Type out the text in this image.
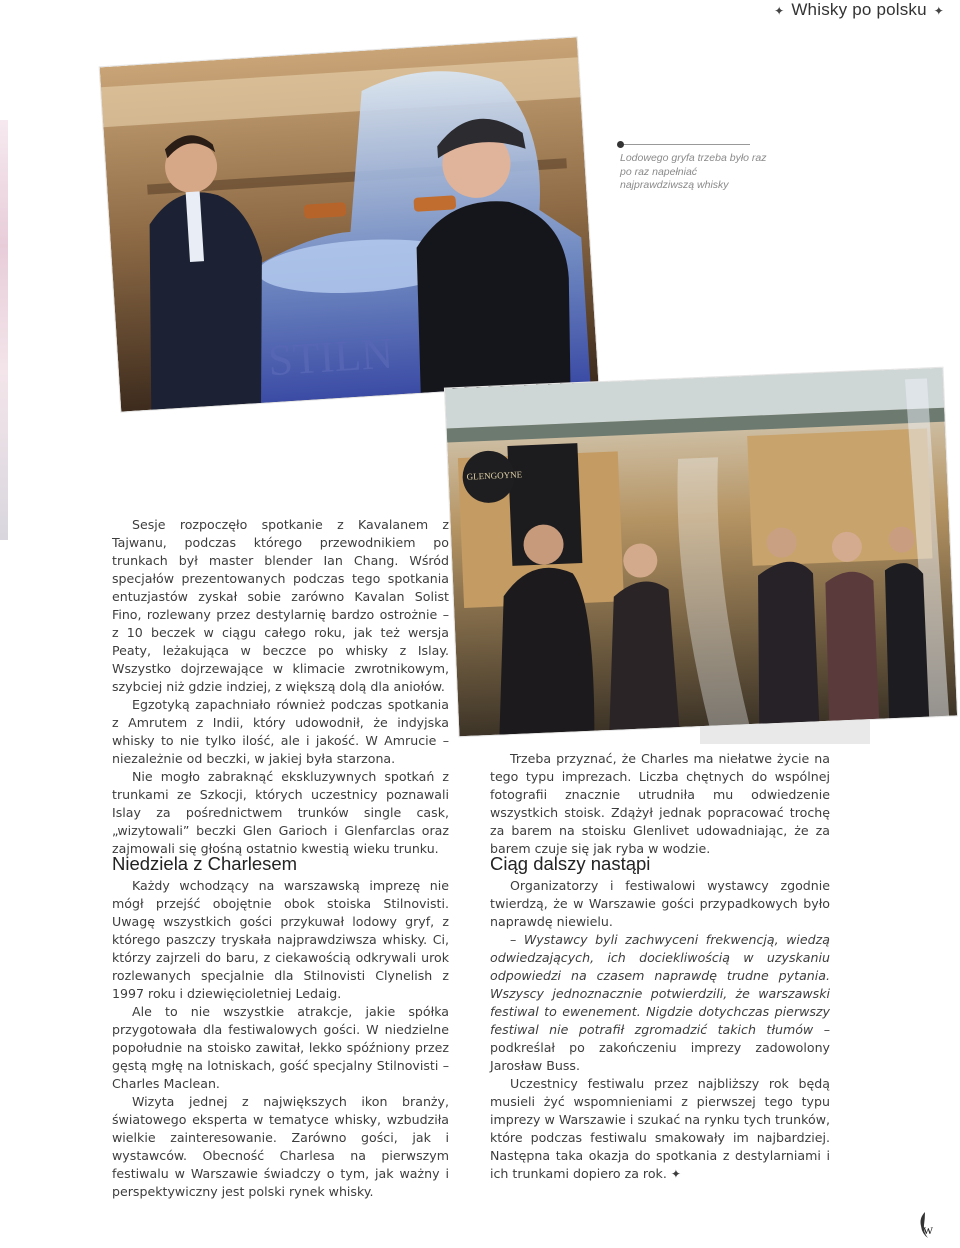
✦ Whisky po polsku ✦
STILN

Lodowego gryfa trzeba było raz po raz napełniać najprawdziwszą whisky

GLENGOYNE

Sesje rozpoczęło spotkanie z Kavalanem z Tajwanu, podczas którego przewodnikiem po trunkach był master blender Ian Chang. Wśród specjałów prezentowanych podczas tego spotkania entuzjastów zyskał sobie zarówno Kavalan Solist Fino, rozlewany przez destylarnię bardzo ostrożnie – z 10 beczek w ciągu całego roku, jak też wersja Peaty, leżakująca w beczce po whisky z Islay. Wszystko dojrzewające w klimacie zwrotnikowym, szybciej niż gdzie indziej, z większą dolą dla aniołów.

Egzotyką zapachniało również podczas spotkania z Amrutem z Indii, który udowodnił, że indyjska whisky to nie tylko ilość, ale i jakość. W Amrucie – niezależnie od beczki, w jakiej była starzona.

Nie mogło zabraknąć ekskluzywnych spotkań z trunkami ze Szkocji, których uczestnicy poznawali Islay za pośrednictwem trunków single cask, „wizytowali” beczki Glen Garioch i Glenfarclas oraz zajmowali się głośną ostatnio kwestią wieku trunku.

Niedziela z Charlesem

Każdy wchodzący na warszawską imprezę nie mógł przejść obojętnie obok stoiska Stilnovisti. Uwagę wszystkich gości przykuwał lodowy gryf, z którego paszczy tryskała najprawdziwsza whisky. Ci, którzy zajrzeli do baru, z ciekawością odkrywali urok rozlewanych specjalnie dla Stilnovisti Clynelish z 1997 roku i dziewięcioletniej Ledaig.

Ale to nie wszystkie atrakcje, jakie spółka przygotowała dla festiwalowych gości. W niedzielne popołudnie na stoisko zawitał, lekko spóźniony przez gęstą mgłę na lotniskach, gość specjalny Stilnovisti – Charles Maclean.

Wizyta jednej z największych ikon branży, światowego eksperta w tematyce whisky, wzbudziła wielkie zainteresowanie. Zarówno gości, jak i wystawców. Obecność Charlesa na pierwszym festiwalu w Warszawie świadczy o tym, jak ważny i perspektywiczny jest polski rynek whisky.

Trzeba przyznać, że Charles ma niełatwe życie na tego typu imprezach. Liczba chętnych do wspólnej fotografii znacznie utrudniła mu odwiedzenie wszystkich stoisk. Zdążył jednak popracować trochę za barem na stoisku Glenlivet udowadniając, że za barem czuje się jak ryba w wodzie.

Ciąg dalszy nastąpi

Organizatorzy i festiwalowi wystawcy zgodnie twierdzą, że w Warszawie gości przypadkowych było naprawdę niewielu.

– Wystawcy byli zachwyceni frekwencją, wiedzą odwiedzających, ich dociekliwością w uzyskaniu odpowiedzi na czasem naprawdę trudne pytania. Wszyscy jednoznacznie potwierdzili, że warszawski festiwal to ewenement. Nigdzie dotychczas pierwszy festiwal nie potrafił zgromadzić takich tłumów – podkreślał po zakończeniu imprezy zadowolony Jarosław Buss.

Uczestnicy festiwalu przez najbliższy rok będą musieli żyć wspomnieniami z pierwszej tego typu imprezy w Warszawie i szukać na rynku tych trunków, które podczas festiwalu smakowały im najbardziej. Następna taka okazja do spotkania z destylarniami i ich trunkami dopiero za rok. ✦

w
